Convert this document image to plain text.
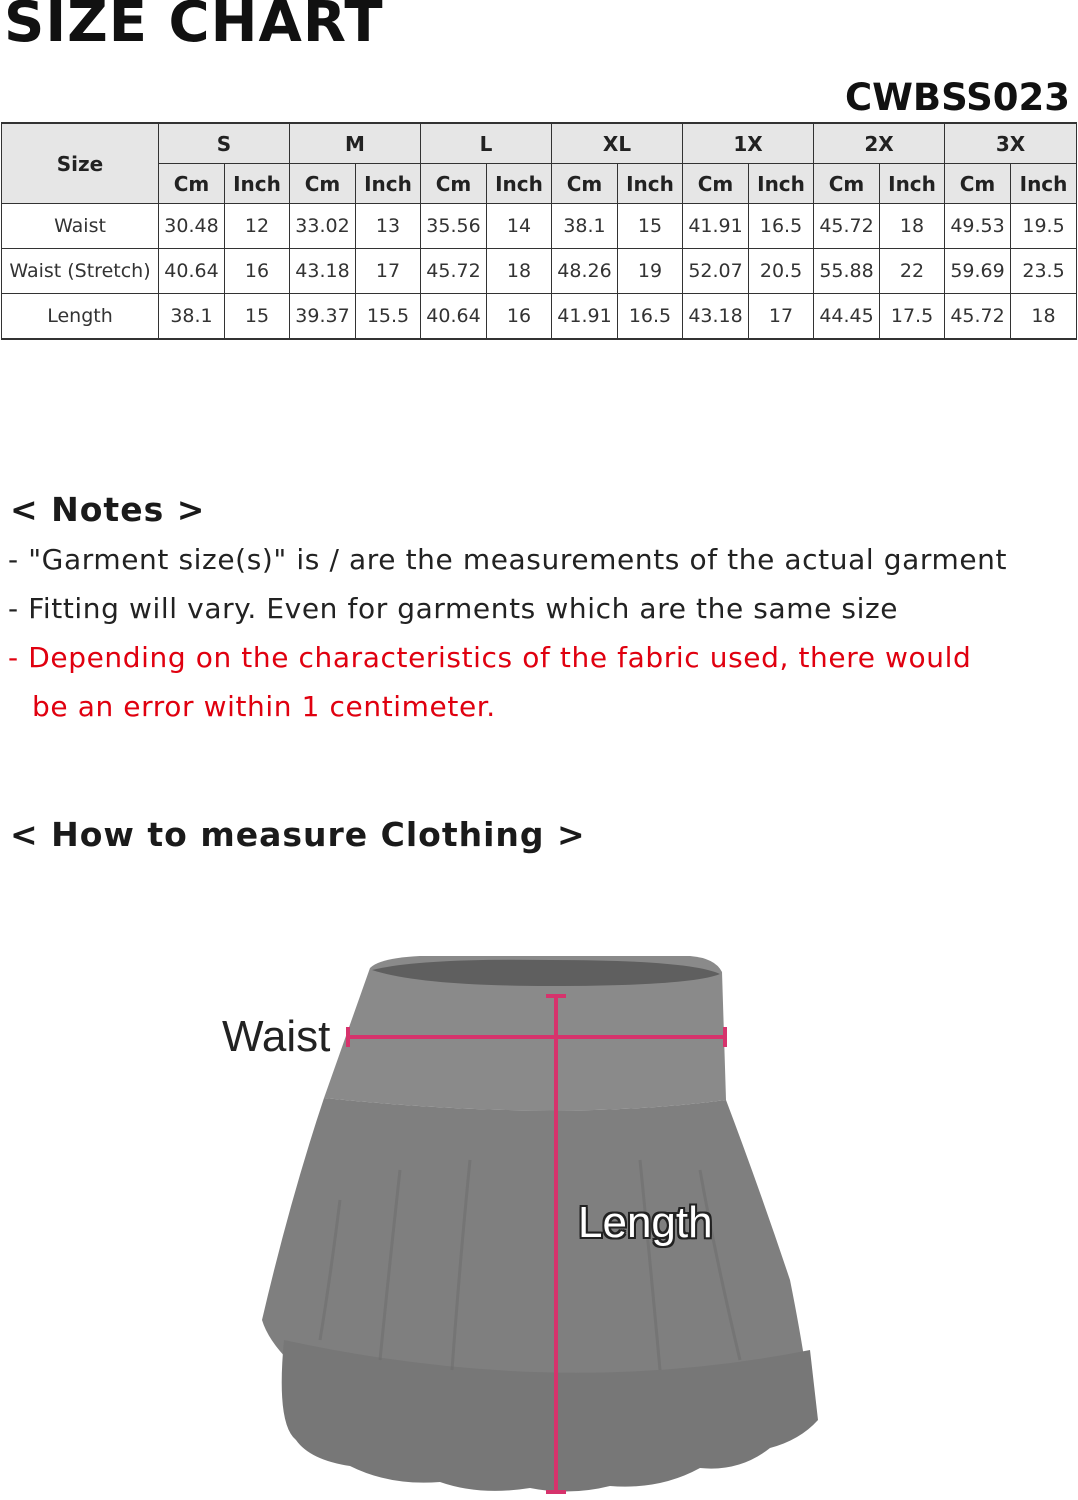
SIZE CHART

CWBSS023

Size	S		M		L		XL		1X		2X		3X	
	Cm	Inch	Cm	Inch	Cm	Inch	Cm	Inch	Cm	Inch	Cm	Inch	Cm	Inch
Waist	30.48	12	33.02	13	35.56	14	38.1	15	41.91	16.5	45.72	18	49.53	19.5
Waist (Stretch)	40.64	16	43.18	17	45.72	18	48.26	19	52.07	20.5	55.88	22	59.69	23.5
Length	38.1	15	39.37	15.5	40.64	16	41.91	16.5	43.18	17	44.45	17.5	45.72	18
< Notes >

- "Garment size(s)" is / are the measurements of the actual garment

- Fitting will vary. Even for garments which are the same size

- Depending on the characteristics of the fabric used, there would

be an error within 1 centimeter.

< How to measure Clothing >

Waist

Length
